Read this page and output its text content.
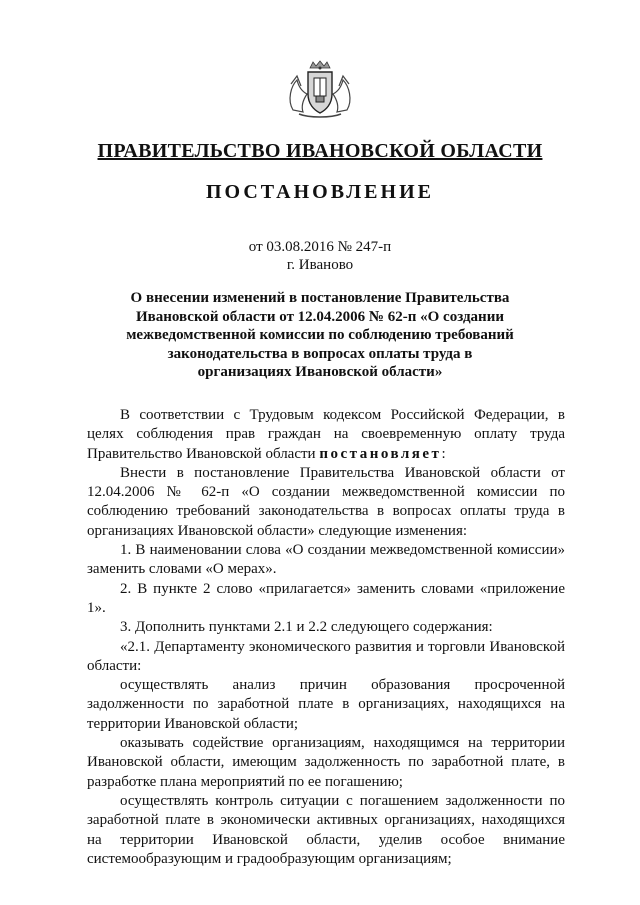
ПРАВИТЕЛЬСТВО ИВАНОВСКОЙ ОБЛАСТИ
ПОСТАНОВЛЕНИЕ
от 03.08.2016 № 247-п
г. Иваново
О внесении изменений в постановление Правительства Ивановской области от 12.04.2006 № 62-п «О создании межведомственной комиссии по соблюдению требований законодательства в вопросах оплаты труда в организациях Ивановской области»

В соответствии с Трудовым кодексом Российской Федерации, в целях соблюдения прав граждан на своевременную оплату труда Правительство Ивановской области постановляет:

Внести в постановление Правительства Ивановской области от 12.04.2006 № 62-п «О создании межведомственной комиссии по соблюдению требований законодательства в вопросах оплаты труда в организациях Ивановской области» следующие изменения:

1. В наименовании слова «О создании межведомственной комиссии» заменить словами «О мерах».

2. В пункте 2 слово «прилагается» заменить словами «приложение 1».

3. Дополнить пунктами 2.1 и 2.2 следующего содержания:

«2.1. Департаменту экономического развития и торговли Ивановской области:

осуществлять анализ причин образования просроченной задолженности по заработной плате в организациях, находящихся на территории Ивановской области;

оказывать содействие организациям, находящимся на территории Ивановской области, имеющим задолженность по заработной плате, в разработке плана мероприятий по ее погашению;

осуществлять контроль ситуации с погашением задолженности по заработной плате в экономически активных организациях, находящихся на территории Ивановской области, уделив особое внимание системообразующим и градообразующим организациям;
